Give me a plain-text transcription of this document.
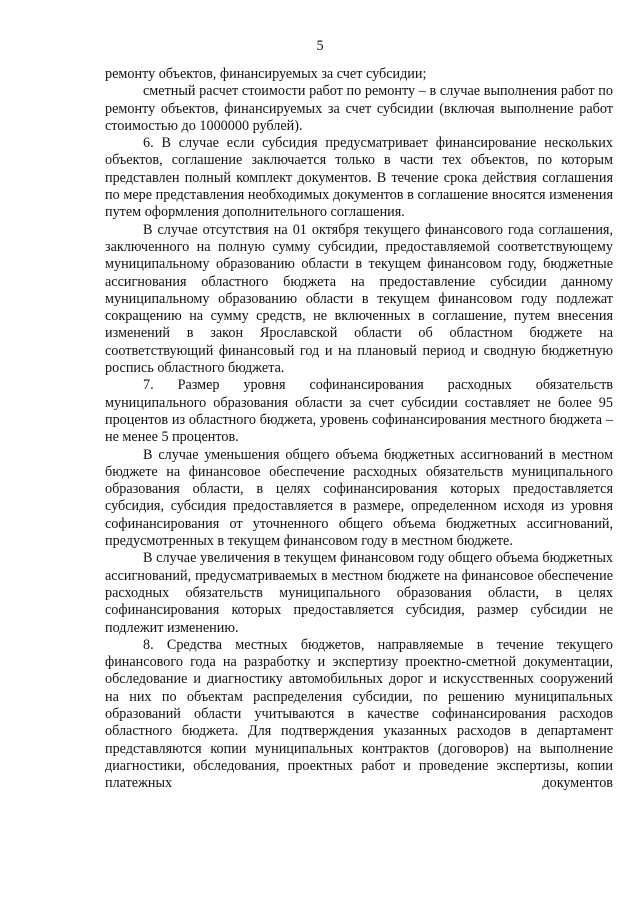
5

ремонту объектов, финансируемых за счет субсидии;

сметный расчет стоимости работ по ремонту – в случае выполнения работ по ремонту объектов, финансируемых за счет субсидии (включая выполнение работ стоимостью до 1000000 рублей).

6. В случае если субсидия предусматривает финансирование нескольких объектов, соглашение заключается только в части тех объектов, по которым представлен полный комплект документов. В течение срока действия соглашения по мере представления необходимых документов в соглашение вносятся изменения путем оформления дополнительного соглашения.

В случае отсутствия на 01 октября текущего финансового года соглашения, заключенного на полную сумму субсидии, предоставляемой соответствующему муниципальному образованию области в текущем финансовом году, бюджетные ассигнования областного бюджета на предоставление субсидии данному муниципальному образованию области в текущем финансовом году подлежат сокращению на сумму средств, не включенных в соглашение, путем внесения изменений в закон Ярославской области об областном бюджете на соответствующий финансовый год и на плановый период и сводную бюджетную роспись областного бюджета.

7. Размер уровня софинансирования расходных обязательств муниципального образования области за счет субсидии составляет не более 95 процентов из областного бюджета, уровень софинансирования местного бюджета – не менее 5 процентов.

В случае уменьшения общего объема бюджетных ассигнований в местном бюджете на финансовое обеспечение расходных обязательств муниципального образования области, в целях софинансирования которых предоставляется субсидия, субсидия предоставляется в размере, определенном исходя из уровня софинансирования от уточненного общего объема бюджетных ассигнований, предусмотренных в текущем финансовом году в местном бюджете.

В случае увеличения в текущем финансовом году общего объема бюджетных ассигнований, предусматриваемых в местном бюджете на финансовое обеспечение расходных обязательств муниципального образования области, в целях софинансирования которых предоставляется субсидия, размер субсидии не подлежит изменению.

8. Средства местных бюджетов, направляемые в течение текущего финансового года на разработку и экспертизу проектно-сметной документации, обследование и диагностику автомобильных дорог и искусственных сооружений на них по объектам распределения субсидии, по решению муниципальных образований области учитываются в качестве софинансирования расходов областного бюджета. Для подтверждения указанных расходов в департамент представляются копии муниципальных контрактов (договоров) на выполнение диагностики, обследования, проектных работ и проведение экспертизы, копии платежных документов
